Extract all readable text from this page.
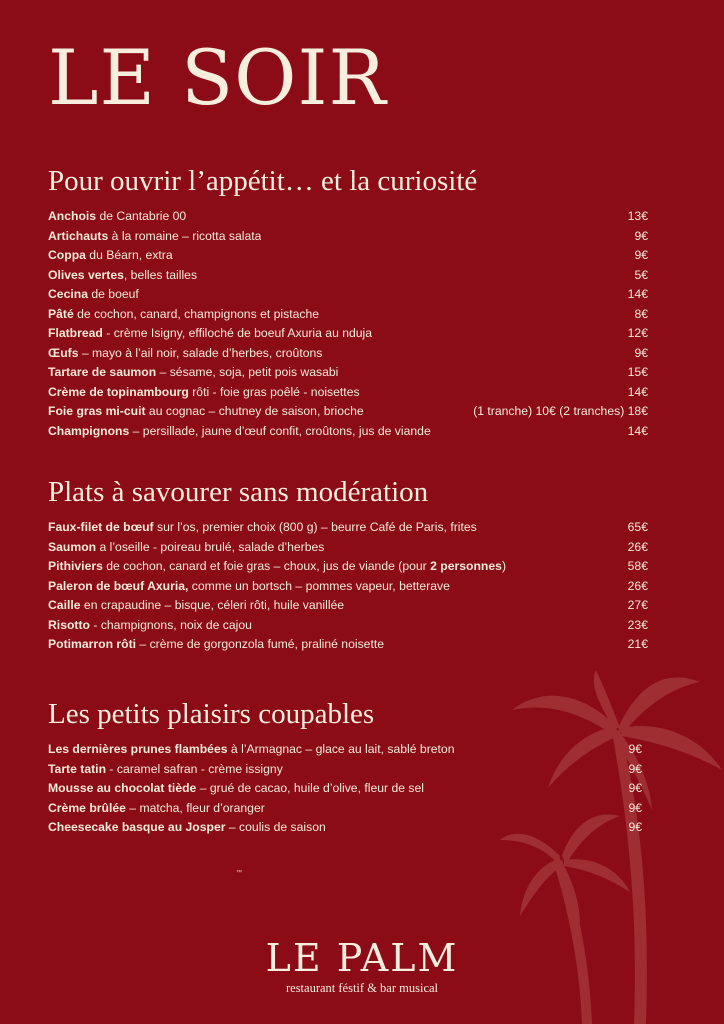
LE SOIR
Pour ouvrir l’appétit… et la curiosité
Anchois de Cantabrie 00	13€
Artichauts à la romaine – ricotta salata	9€
Coppa du Béarn, extra	9€
Olives vertes, belles tailles	5€
Cecina de boeuf	14€
Pâté de cochon, canard, champignons et pistache	8€
Flatbread - crème Isigny, effiloché de boeuf Axuria au nduja	12€
Œufs – mayo à l’ail noir, salade d’herbes, croûtons	9€
Tartare de saumon – sésame, soja, petit pois wasabi	15€
Crème de topinambourg rôti - foie gras poêlé - noisettes	14€
Foie gras mi-cuit au cognac – chutney de saison, brioche	(1 tranche) 10€ (2 tranches) 18€
Champignons – persillade, jaune d’œuf confit, croûtons, jus de viande	14€
Plats à savourer sans modération
Faux-filet de bœuf sur l’os, premier choix (800 g) – beurre Café de Paris, frites	65€
Saumon a l’oseille - poireau brulé, salade d’herbes	26€
Pithiviers de cochon, canard et foie gras – choux, jus de viande (pour 2 personnes)	58€
Paleron de bœuf Axuria, comme un bortsch – pommes vapeur, betterave	26€
Caille en crapaudine – bisque, céleri rôti, huile vanillée	27€
Risotto - champignons, noix de cajou	23€
Potimarron rôti – crème de gorgonzola fumé, praliné noisette	21€
Les petits plaisirs coupables
Les dernières prunes flambées à l’Armagnac – glace au lait, sablé breton	9€
Tarte tatin - caramel safran - crème issigny	9€
Mousse au chocolat tiède – grué de cacao, huile d’olive, fleur de sel	9€
Crème brûlée – matcha, fleur d’oranger	9€
Cheesecake basque au Josper – coulis de saison	9€
™
LE PALM
restaurant féstif & bar musical
